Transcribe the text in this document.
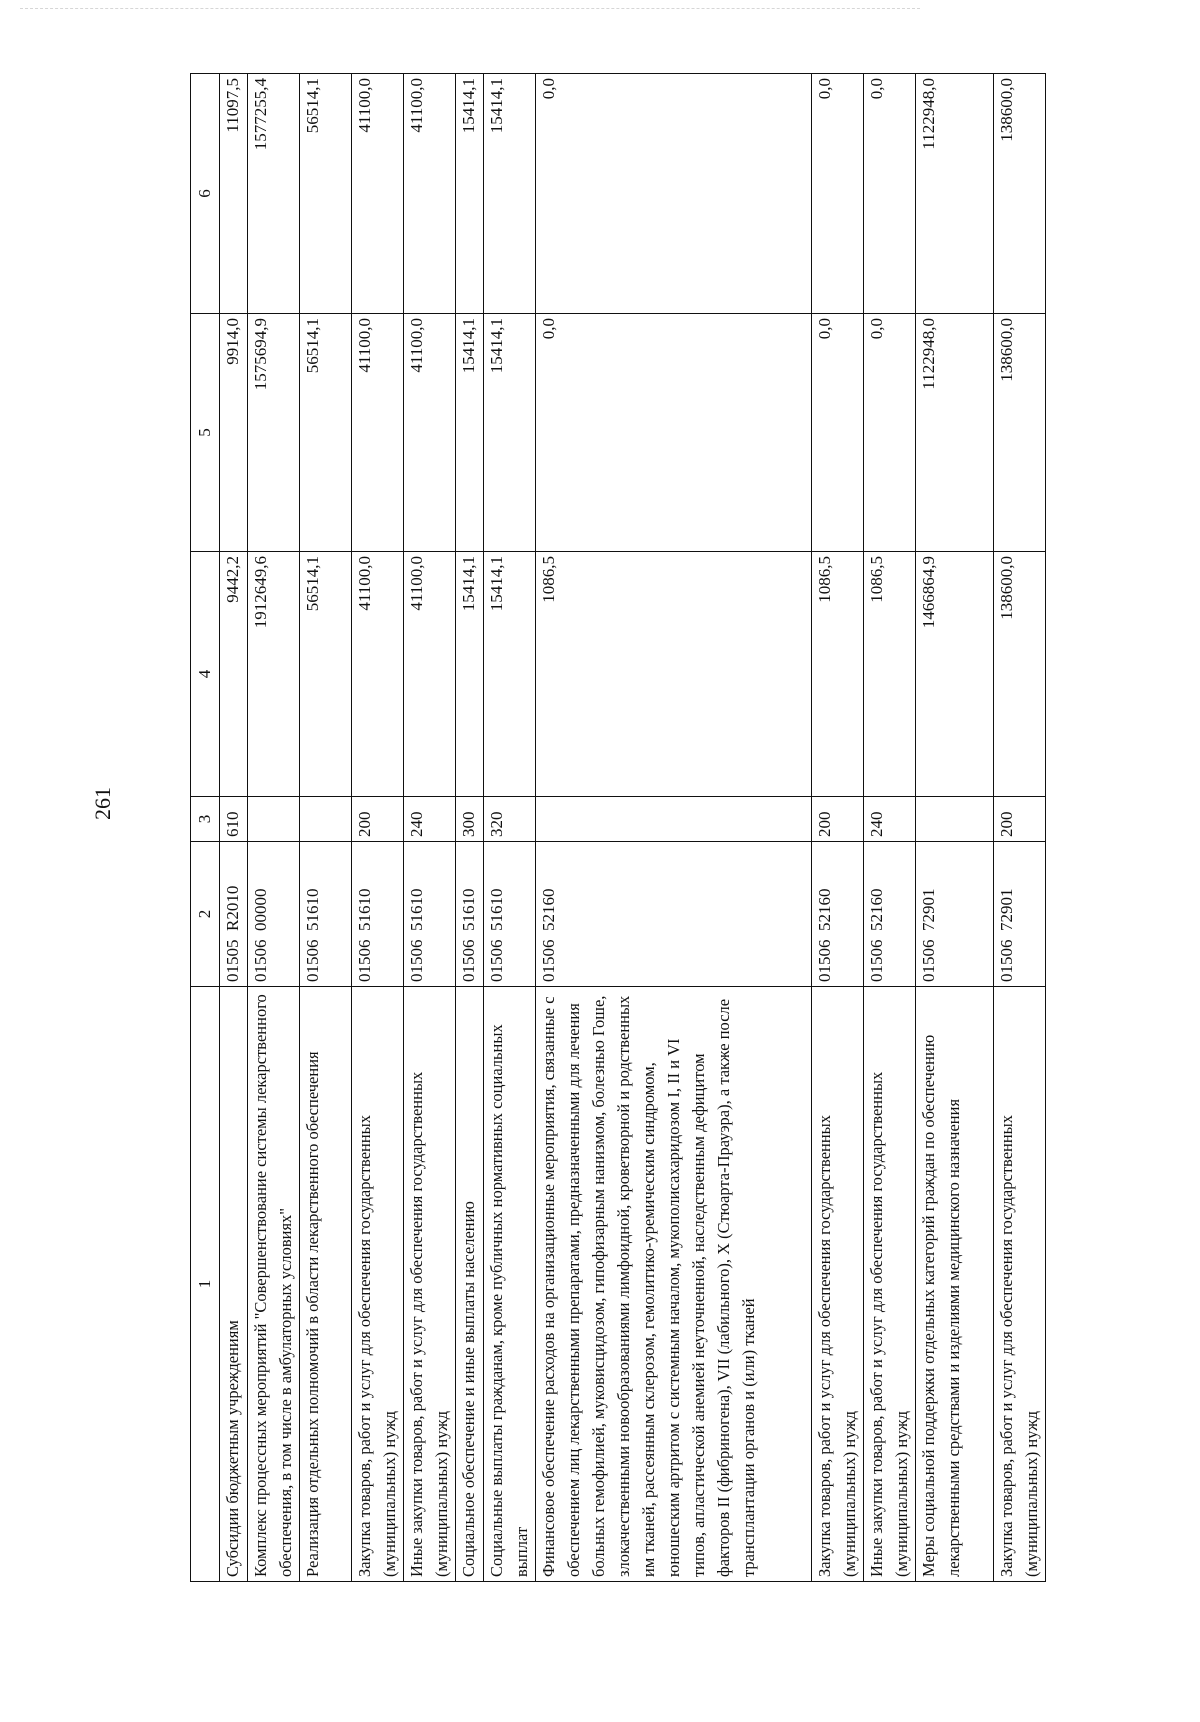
261
1	2	3	4	5	6
Субсидии бюджетным учреждениям	01505  R2010	610	9442,2	9914,0	11097,5
Комплекс процессных мероприятий "Совершенствование системы лекарственного обеспечения, в том числе в амбулаторных условиях"	01506  00000		1912649,6	1575694,9	1577255,4
Реализация отдельных полномочий в области лекарственного обеспечения	01506  51610		56514,1	56514,1	56514,1
Закупка товаров, работ и услуг для обеспечения государственных (муниципальных) нужд	01506  51610	200	41100,0	41100,0	41100,0
Иные закупки товаров, работ и услуг для обеспечения государственных (муниципальных) нужд	01506  51610	240	41100,0	41100,0	41100,0
Социальное обеспечение и иные выплаты населению	01506  51610	300	15414,1	15414,1	15414,1
Социальные выплаты гражданам, кроме публичных нормативных социальных выплат	01506  51610	320	15414,1	15414,1	15414,1
Финансовое обеспечение расходов на организационные мероприятия, связанные с обеспечением лиц лекарственными препаратами, предназначенными для лечения больных гемофилией, муковисцидозом, гипофизарным нанизмом, болезнью Гоше, злокачественными новообразованиями лимфоидной, кроветворной и родственных им тканей, рассеянным склерозом, гемолитико-уремическим синдромом, юношеским артритом с системным началом, мукополисахаридозом I, II и VI типов, апластической анемией неуточненной, наследственным дефицитом факторов II (фибриногена), VII (лабильного), X (Стюарта-Прауэра), а также после трансплантации органов и (или) тканей	01506  52160		1086,5	0,0	0,0
Закупка товаров, работ и услуг для обеспечения государственных (муниципальных) нужд	01506  52160	200	1086,5	0,0	0,0
Иные закупки товаров, работ и услуг для обеспечения государственных (муниципальных) нужд	01506  52160	240	1086,5	0,0	0,0
Меры социальной поддержки отдельных категорий граждан по обеспечению лекарственными средствами и изделиями медицинского назначения	01506  72901		1466864,9	1122948,0	1122948,0
Закупка товаров, работ и услуг для обеспечения государственных (муниципальных) нужд	01506  72901	200	138600,0	138600,0	138600,0
